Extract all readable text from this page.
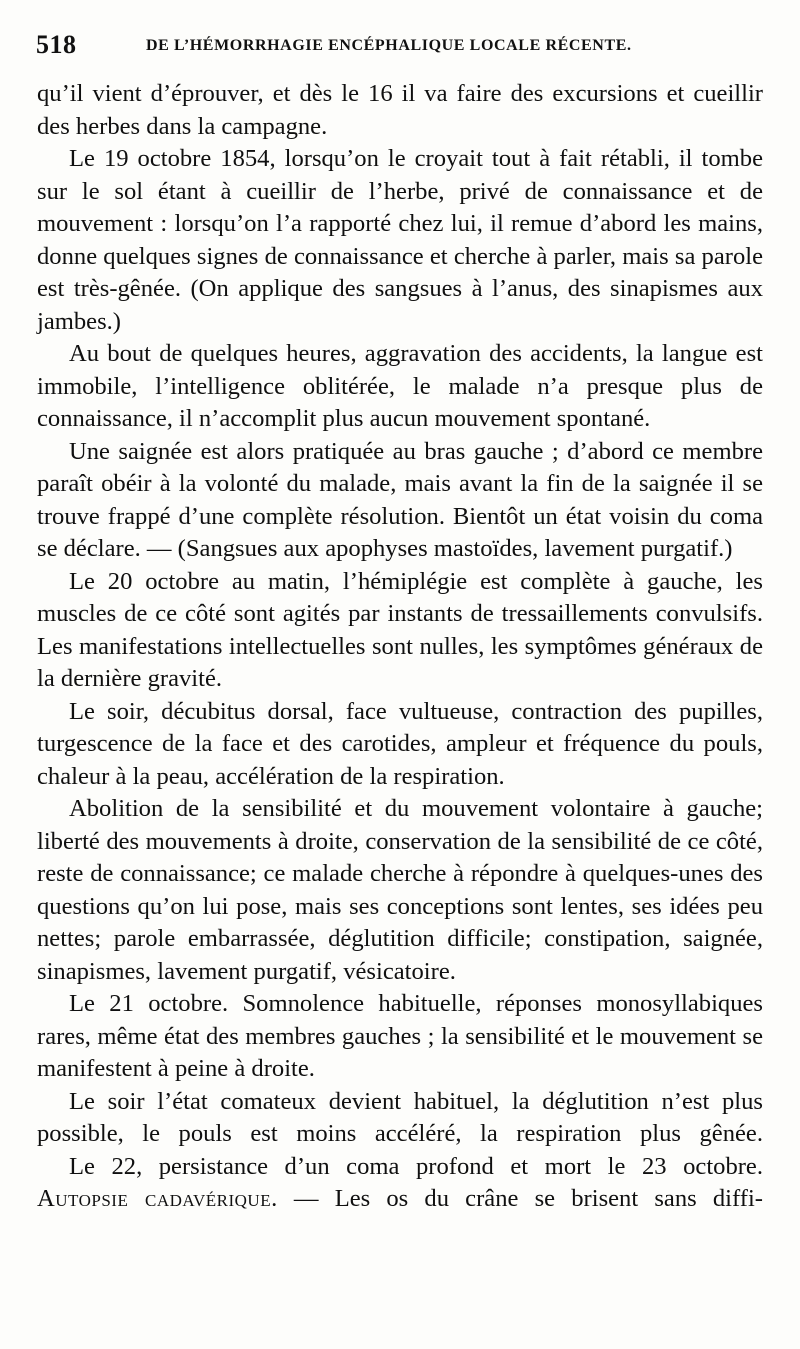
518	DE L’HÉMORRHAGIE ENCÉPHALIQUE LOCALE RÉCENTE.

qu’il vient d’éprouver, et dès le 16 il va faire des excursions et cueillir des herbes dans la campagne.

Le 19 octobre 1854, lorsqu’on le croyait tout à fait rétabli, il tombe sur le sol étant à cueillir de l’herbe, privé de connaissance et de mouvement : lorsqu’on l’a rapporté chez lui, il remue d’abord les mains, donne quelques signes de connaissance et cherche à parler, mais sa parole est très-gênée. (On applique des sangsues à l’anus, des sinapismes aux jambes.)

Au bout de quelques heures, aggravation des accidents, la langue est immobile, l’intelligence oblitérée, le malade n’a presque plus de connaissance, il n’accomplit plus aucun mouvement spontané.

Une saignée est alors pratiquée au bras gauche ; d’abord ce membre paraît obéir à la volonté du malade, mais avant la fin de la saignée il se trouve frappé d’une complète résolution. Bientôt un état voisin du coma se déclare. — (Sangsues aux apophyses mastoïdes, lavement purgatif.)

Le 20 octobre au matin, l’hémiplégie est complète à gauche, les muscles de ce côté sont agités par instants de tressaillements convulsifs. Les manifestations intellectuelles sont nulles, les symptômes généraux de la dernière gravité.

Le soir, décubitus dorsal, face vultueuse, contraction des pupilles, turgescence de la face et des carotides, ampleur et fréquence du pouls, chaleur à la peau, accélération de la respiration.

Abolition de la sensibilité et du mouvement volontaire à gauche; liberté des mouvements à droite, conservation de la sensibilité de ce côté, reste de connaissance; ce malade cherche à répondre à quelques-unes des questions qu’on lui pose, mais ses conceptions sont lentes, ses idées peu nettes; parole embarrassée, déglutition difficile; constipation, saignée, sinapismes, lavement purgatif, vésicatoire.

Le 21 octobre. Somnolence habituelle, réponses monosyllabiques rares, même état des membres gauches ; la sensibilité et le mouvement se manifestent à peine à droite.

Le soir l’état comateux devient habituel, la déglutition n’est plus possible, le pouls est moins accéléré, la respiration plus gênée.

Le 22, persistance d’un coma profond et mort le 23 octobre.

Autopsie cadavérique. — Les os du crâne se brisent sans diffi-
